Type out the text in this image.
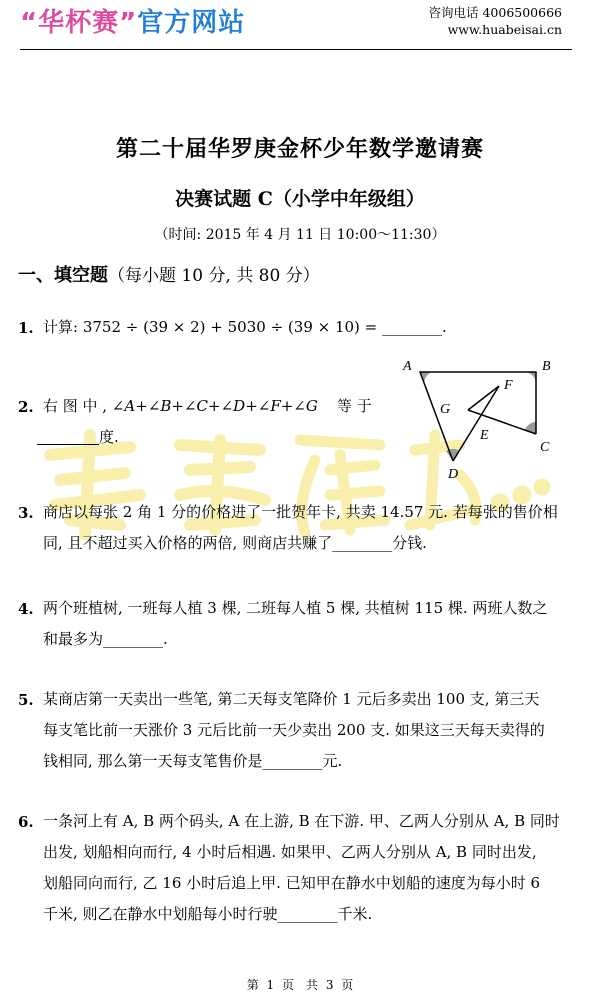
“华杯赛”官方网站	咨询电话 4006500666
www.huabeisai.cn
第二十届华罗庚金杯少年数学邀请赛
决赛试题 C（小学中年级组）
（时间: 2015 年 4 月 11 日 10:00～11:30）
一、填空题（每小题 10 分, 共 80 分）
1. 计算: 3752 ÷ (39 × 2) + 5030 ÷ (39 × 10) = ________.
2. 右 图 中 , ∠A+∠B+∠C+∠D+∠F+∠G 等 于
度.
A	B
C
D
E
F
G
3. 商店以每张 2 角 1 分的价格进了一批贺年卡, 共卖 14.57 元. 若每张的售价相
同, 且不超过买入价格的两倍, 则商店共赚了________分钱.
4. 两个班植树, 一班每人植 3 棵, 二班每人植 5 棵, 共植树 115 棵. 两班人数之
和最多为________.
5. 某商店第一天卖出一些笔, 第二天每支笔降价 1 元后多卖出 100 支, 第三天
每支笔比前一天涨价 3 元后比前一天少卖出 200 支. 如果这三天每天卖得的
钱相同, 那么第一天每支笔售价是________元.
6. 一条河上有 A, B 两个码头, A 在上游, B 在下游. 甲、乙两人分别从 A, B 同时
出发, 划船相向而行, 4 小时后相遇. 如果甲、乙两人分别从 A, B 同时出发,
划船同向而行, 乙 16 小时后追上甲. 已知甲在静水中划船的速度为每小时 6
千米, 则乙在静水中划船每小时行驶________千米.
第 1 页　共 3 页
